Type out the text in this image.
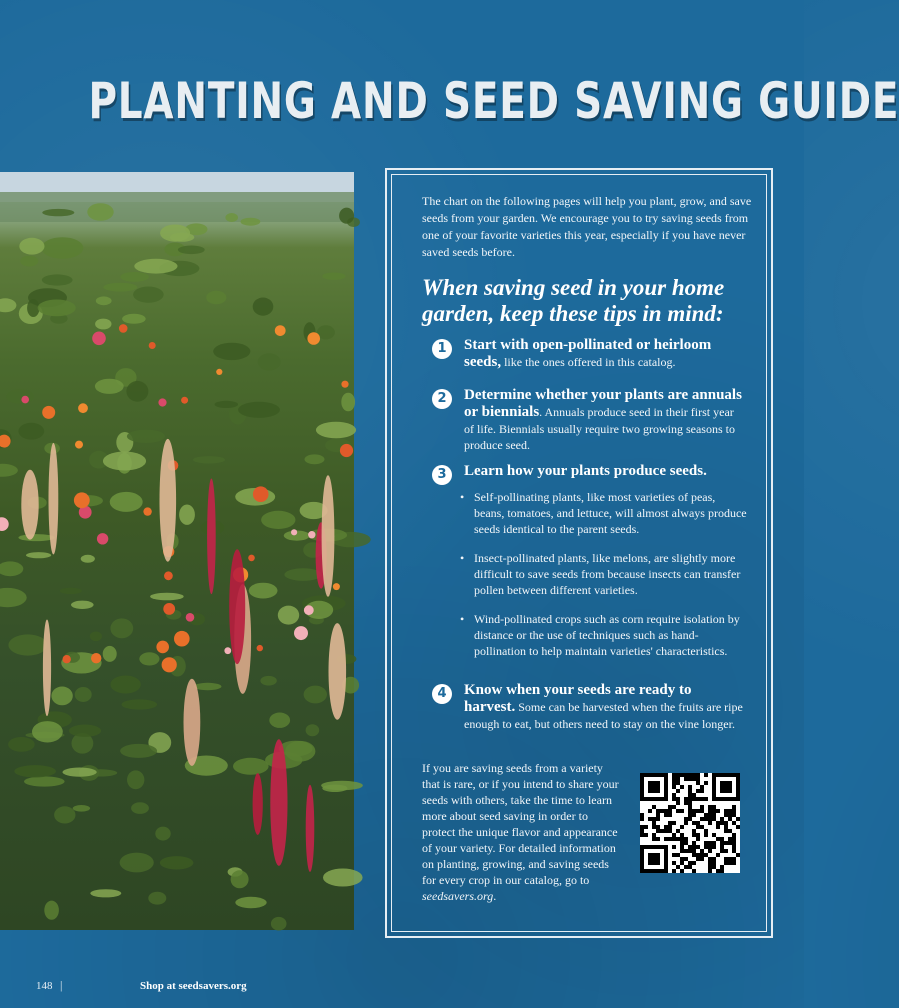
PLANTING AND SEED SAVING GUIDE

The chart on the following pages will help you plant, grow, and save seeds from your garden. We encourage you to try saving seeds from one of your favorite varieties this year, especially if you have never saved seeds before.

When saving seed in your home garden, keep these tips in mind:
1	Start with open-pollinated or heirloom seeds, like the ones offered in this catalog.
2	Determine whether your plants are annuals or biennials. Annuals produce seed in their first year of life. Biennials usually require two growing seasons to produce seed.
3	Learn how your plants produce seeds.
• Self-pollinating plants, like most varieties of peas, beans, tomatoes, and lettuce, will almost always produce seeds identical to the parent seeds.
• Insect-pollinated plants, like melons, are slightly more difficult to save seeds from because insects can transfer pollen between different varieties.
• Wind-pollinated crops such as corn require isolation by distance or the use of techniques such as hand-pollination to help maintain varieties' characteristics.
4	Know when your seeds are ready to harvest. Some can be harvested when the fruits are ripe enough to eat, but others need to stay on the vine longer.

If you are saving seeds from a variety that is rare, or if you intend to share your seeds with others, take the time to learn more about seed saving in order to protect the unique flavor and appearance of your variety. For detailed information on planting, growing, and saving seeds for every crop in our catalog, go to seedsavers.org.

148 |	Shop at seedsavers.org
